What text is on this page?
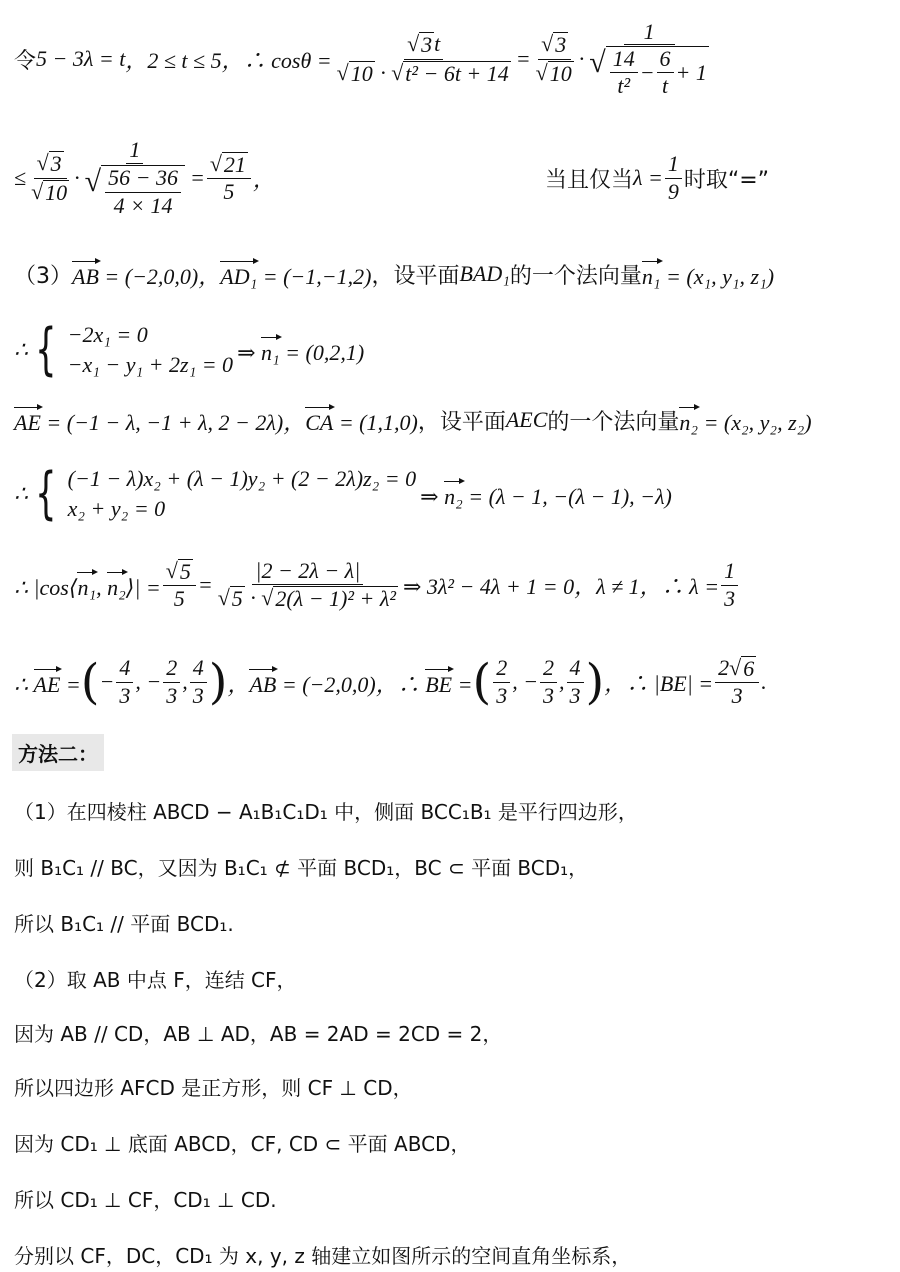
令 5 − 3λ = t ，2 ≤ t ≤ 5 ，∴ $\cos\theta = \frac{√ 3 t}{\text{√ 10 · √ t² − 6t + 14}} = \frac{√ 3}{√ 10} \cdot \frac{1}{√ \frac{14}{\text{t²}} - \frac{6}{t} + 1}$
≤ $\frac{√ 3}{√ 10} \cdot \frac{1}{√ \frac{56 - 36}{4 \times 14}} = \frac{√ 21}{5}$ ，	当且仅当 $\lambda = \frac{1}{9}$ 时取“=”
（3） AB = (−2,0,0)，AD₁ = (−1,−1,2) ，设平面 BAD₁ 的一个法向量 n₁ = (x₁, y₁, z₁)
∴ { −2x₁ = 0
−x₁ − y₁ + 2z₁ = 0 ⇒ n₁ = (0,2,1)
AE = (−1 − λ, −1 + λ, 2 − 2λ)，CA = (1,1,0) ，设平面 AEC 的一个法向量 n₂ = (x₂, y₂, z₂)
∴ { (−1 − λ)x₂ + (λ − 1)y₂ + (2 − 2λ)z₂ = 0
x₂ + y₂ = 0	⇒ n₂ = (λ − 1, −(λ − 1), −λ)
∴ |cos⟨n₁, n₂⟩| = $\frac{√ 5}{5} = \frac{|2 - 2\lambda - \lambda|}{\text{√ 5 · √ 2(λ − 1)² + λ²}}$ ⇒ 3λ² − 4λ + 1 = 0，λ ≠ 1，∴ $\lambda = \frac{1}{3}$
∴ AE = ( − $\frac{4}{3}$ , − $\frac{2}{3}$ , $\frac{4}{3}$ ) ，AB = (−2,0,0)，∴ BE = ( $\frac{2}{3}$ , − $\frac{2}{3}$ , $\frac{4}{3}$ ) ，∴ $|BE| = \frac{2 √ 6}{3}$ .
方法二：
（1）在四棱柱 ABCD − A₁B₁C₁D₁ 中，侧面 BCC₁B₁ 是平行四边形，
则 B₁C₁ // BC，又因为 B₁C₁ ⊄ 平面 BCD₁，BC ⊂ 平面 BCD₁，
所以 B₁C₁ // 平面 BCD₁.
（2）取 AB 中点 F，连结 CF，
因为 AB // CD，AB ⊥ AD，AB = 2AD = 2CD = 2，
所以四边形 AFCD 是正方形，则 CF ⊥ CD，
因为 CD₁ ⊥ 底面 ABCD，CF, CD ⊂ 平面 ABCD，
所以 CD₁ ⊥ CF，CD₁ ⊥ CD.
分别以 CF，DC，CD₁ 为 x, y, z 轴建立如图所示的空间直角坐标系，
